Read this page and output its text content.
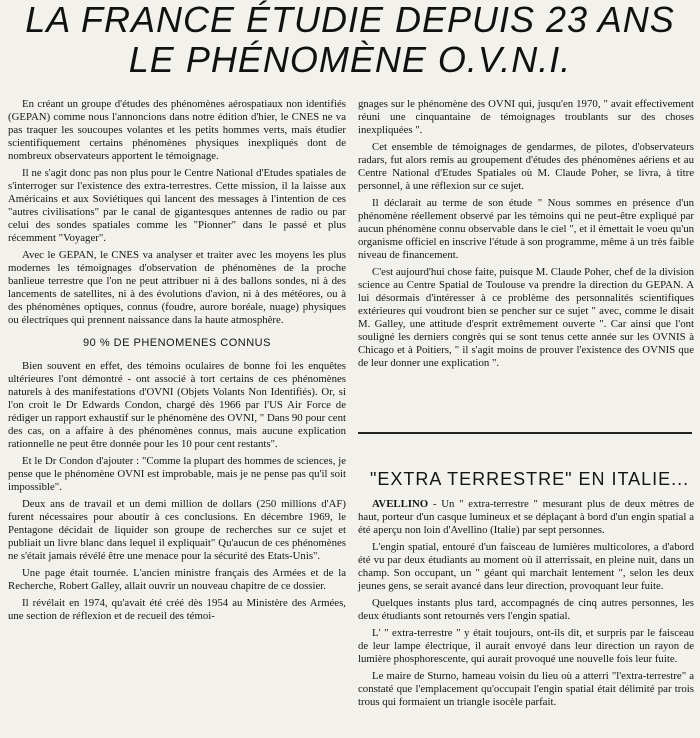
LA FRANCE ÉTUDIE DEPUIS 23 ANS
LE PHÉNOMÈNE O.V.N.I.

En créant un groupe d'études des phénomènes aérospatiaux non identifiés (GEPAN) comme nous l'annoncions dans notre édition d'hier, le CNES ne va pas traquer les soucoupes volantes et les petits hommes verts, mais étudier scientifiquement certains phénomènes physiques inexpliqués dont de nombreux observateurs apportent le témoignage.

Il ne s'agit donc pas non plus pour le Centre National d'Etudes spatiales de s'interroger sur l'existence des extra-terrestres. Cette mission, il la laisse aux Américains et aux Soviétiques qui lancent des messages à l'intention de ces "autres civilisations" par le canal de gigantesques antennes de radio ou par celui des sondes spatiales comme les "Pionner" dans le passé et plus récemment "Voyager".

Avec le GEPAN, le CNES va analyser et traiter avec les moyens les plus modernes les témoignages d'observation de phénomènes de la proche banlieue terrestre que l'on ne peut attribuer ni à des ballons sondes, ni à des lancements de satellites, ni à des évolutions d'avion, ni à des météores, ou à des phénomènes optiques, connus (foudre, aurore boréale, nuage) physiques ou électriques qui prennent naissance dans la haute atmosphère.

90 % DE PHENOMENES CONNUS

Bien souvent en effet, des témoins oculaires de bonne foi les enquêtes ultérieures l'ont démontré - ont associé à tort certains de ces phénomènes naturels à des manifestations d'OVNI (Objets Volants Non Identifiés). Or, si l'on croit le Dr Edwards Condon, chargé dès 1966 par l'US Air Force de rédiger un rapport exhaustif sur le phénomène des OVNI, " Dans 90 pour cent des cas, on a affaire à des phénomènes connus, mais aucune explication rationnelle ne peut être donnée pour les 10 pour cent restants".

Et le Dr Condon d'ajouter : "Comme la plupart des hommes de sciences, je pense que le phénomène OVNI est improbable, mais je ne pense pas qu'il soit impossible".

Deux ans de travail et un demi million de dollars (250 millions d'AF) furent nécessaires pour aboutir à ces conclusions. En décembre 1969, le Pentagone décidait de liquider son groupe de recherches sur ce sujet et publiait un livre blanc dans lequel il expliquait" Qu'aucun de ces phénomènes ne s'était jamais révélé être une menace pour la sécurité des Etats-Unis".

Une page était tournée. L'ancien ministre français des Armées et de la Recherche, Robert Galley, allait ouvrir un nouveau chapitre de ce dossier.

Il révélait en 1974, qu'avait été créé dès 1954 au Ministère des Armées, une section de réflexion et de recueil des témoi-

gnages sur le phénomène des OVNI qui, jusqu'en 1970, " avait effectivement réuni une cinquantaine de témoignages troublants sur des choses inexpliquées ".

Cet ensemble de témoignages de gendarmes, de pilotes, d'observateurs radars, fut alors remis au groupement d'études des phénomènes aériens et au Centre National d'Etudes Spatiales où M. Claude Poher, se livra, à titre personnel, à une réflexion sur ce sujet.

Il déclarait au terme de son étude " Nous sommes en présence d'un phénomène réellement observé par les témoins qui ne peut-être expliqué par aucun phénomène connu observable dans le ciel ", et il émettait le voeu qu'un organisme officiel en inscrive l'étude à son programme, même à un très faible niveau de financement.

C'est aujourd'hui chose faite, puisque M. Claude Poher, chef de la division science au Centre Spatial de Toulouse va prendre la direction du GEPAN. A lui désormais d'intéresser à ce problème des personnalités scientifiques extérieures qui voudront bien se pencher sur ce sujet " avec, comme le disait M. Galley, une attitude d'esprit extrêmement ouverte ". Car ainsi que l'ont souligné les derniers congrès qui se sont tenus cette année sur les OVNIS à Chicago et à Poitiers, " il s'agit moins de prouver l'existence des OVNIS que de leur donner une explication ".

"EXTRA TERRESTRE" EN ITALIE...

AVELLINO - Un " extra-terrestre " mesurant plus de deux mètres de haut, porteur d'un casque lumineux et se déplaçant à bord d'un engin spatial a été aperçu non loin d'Avellino (Italie) par sept personnes.

L'engin spatial, entouré d'un faisceau de lumières multicolores, a d'abord été vu par deux étudiants au moment où il atterrissait, en pleine nuit, dans un champ. Son occupant, un " géant qui marchait lentement ", selon les deux jeunes gens, se serait avancé dans leur direction, provoquant leur fuite.

Quelques instants plus tard, accompagnés de cinq autres personnes, les deux étudiants sont retournés vers l'engin spatial.

L' " extra-terrestre " y était toujours, ont-ils dit, et surpris par le faisceau de leur lampe électrique, il aurait envoyé dans leur direction un rayon de lumière phosphorescente, qui aurait provoqué une nouvelle fois leur fuite.

Le maire de Sturno, hameau voisin du lieu où a atterri "l'extra-terrestre" a constaté que l'emplacement qu'occupait l'engin spatial était délimité par trois trous qui formaient un triangle isocèle parfait.
